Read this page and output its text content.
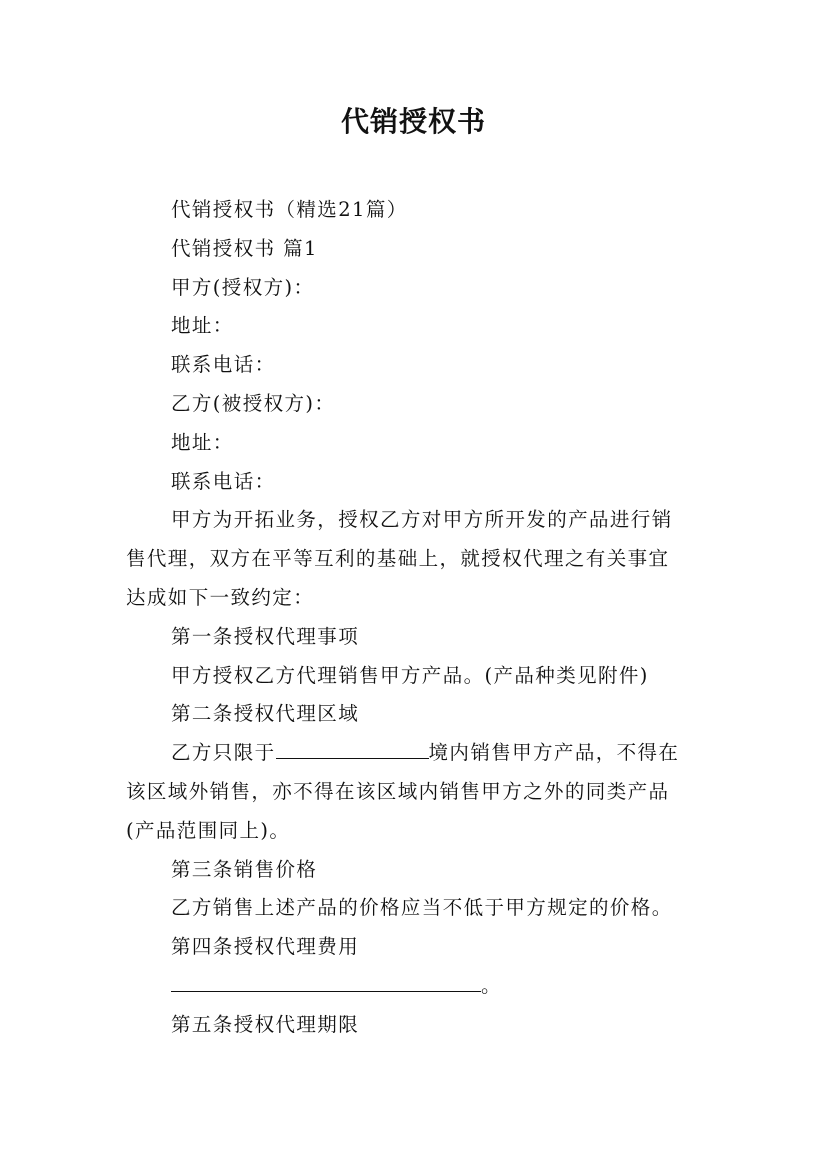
代销授权书
代销授权书（精选21篇）
代销授权书 篇1
甲方(授权方)：
地址：
联系电话：
乙方(被授权方)：
地址：
联系电话：
甲方为开拓业务，授权乙方对甲方所开发的产品进行销
售代理，双方在平等互利的基础上，就授权代理之有关事宜
达成如下一致约定：
第一条授权代理事项
甲方授权乙方代理销售甲方产品。(产品种类见附件)
第二条授权代理区域
乙方只限于	境内销售甲方产品，不得在
该区域外销售，亦不得在该区域内销售甲方之外的同类产品
(产品范围同上)。
第三条销售价格
乙方销售上述产品的价格应当不低于甲方规定的价格。
第四条授权代理费用
。
第五条授权代理期限
